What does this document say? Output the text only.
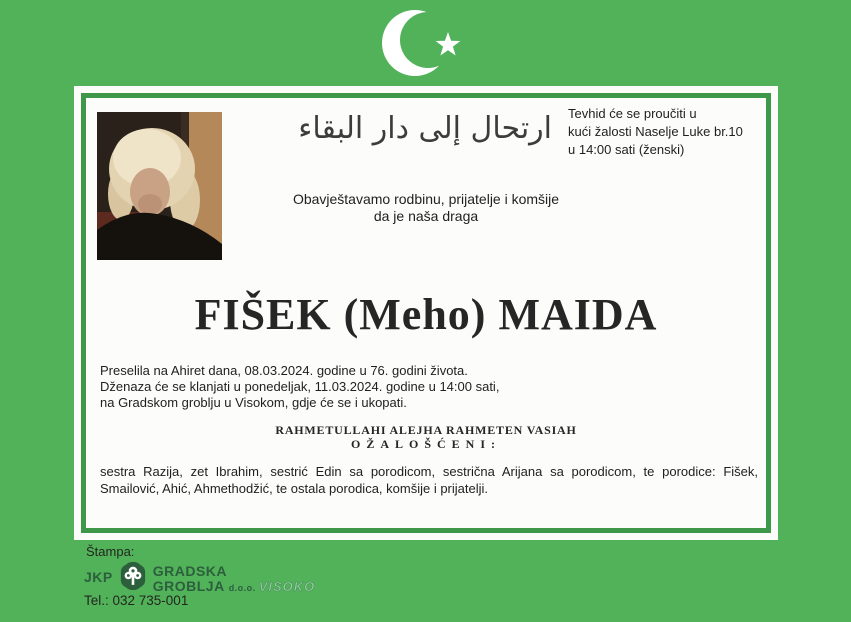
ارتحال إلى دار البقاء Tevhid će se proučiti u
kući žalosti Naselje Luke br.10
u 14:00 sati (ženski)
Obavještavamo rodbinu, prijatelje i komšije
da je naša draga
FIŠEK (Meho) MAIDA
Preselila na Ahiret dana, 08.03.2024. godine u 76. godini života.
Dženaza će se klanjati u ponedeljak, 11.03.2024. godine u 14:00 sati,
na Gradskom groblju u Visokom, gdje će se i ukopati.
RAHMETULLAHI ALEJHA RAHMETEN VASIAH
OŽALOŠĆENI:

sestra Razija, zet Ibrahim, sestrić Edin sa porodicom, sestrična Arijana sa porodicom, te porodice: Fišek, Smailović, Ahić, Ahmethodžić, te ostala porodica, komšije i prijatelji.

Štampa:
JKP	GRADSKA
GROBLJA d.o.o. VISOKO
Tel.: 032 735-001
